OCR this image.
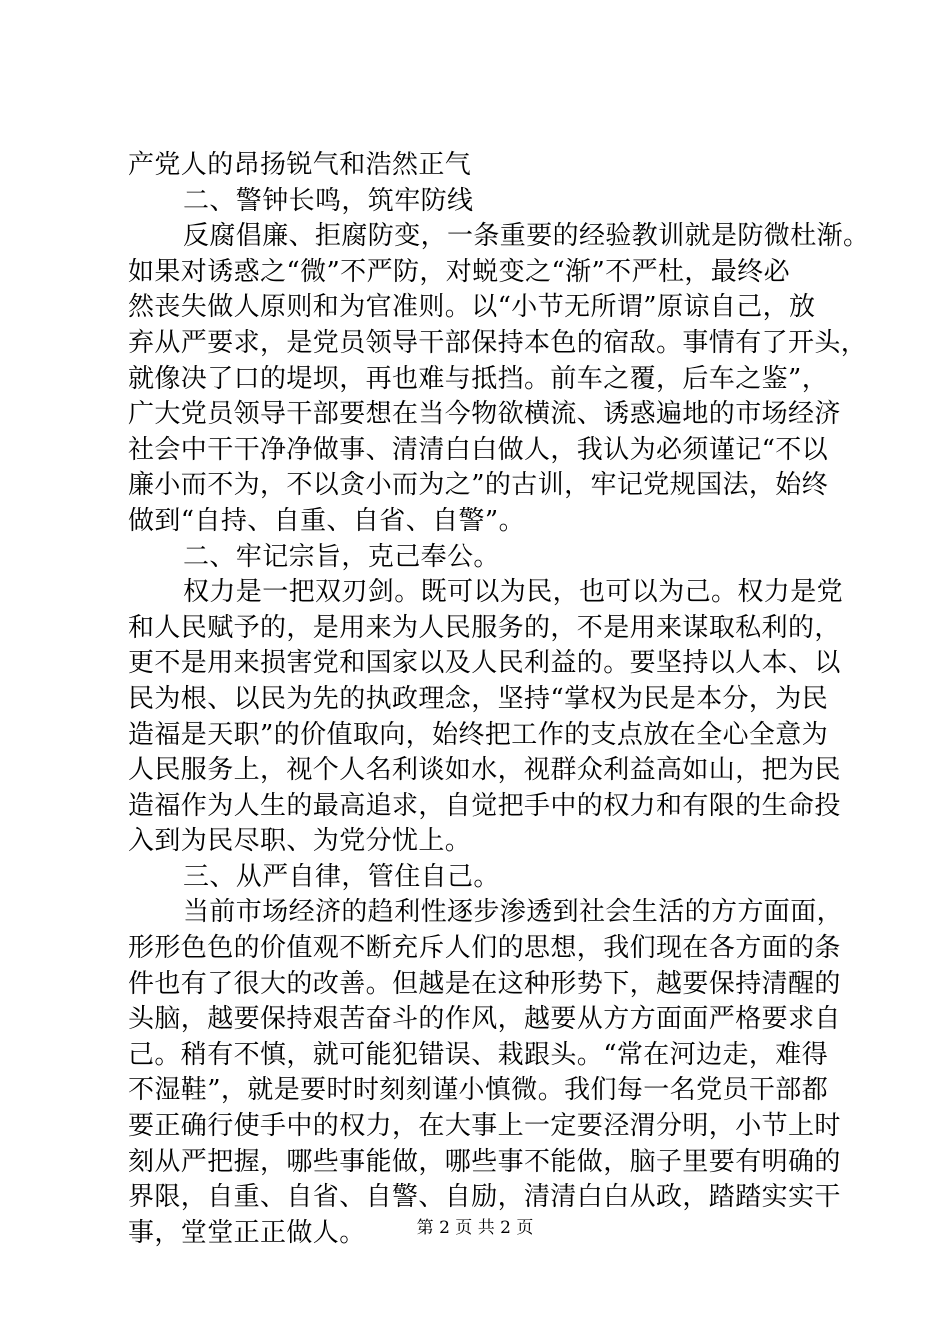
产党人的昂扬锐气和浩然正气
二、警钟长鸣，筑牢防线
反腐倡廉、拒腐防变，一条重要的经验教训就是防微杜渐。
如果对诱惑之“微”不严防，对蜕变之“渐”不严杜，最终必
然丧失做人原则和为官准则。以“小节无所谓”原谅自己，放
弃从严要求，是党员领导干部保持本色的宿敌。事情有了开头，
就像决了口的堤坝，再也难与抵挡。前车之覆，后车之鉴”，
广大党员领导干部要想在当今物欲横流、诱惑遍地的市场经济
社会中干干净净做事、清清白白做人，我认为必须谨记“不以
廉小而不为，不以贪小而为之”的古训，牢记党规国法，始终
做到“自持、自重、自省、自警”。
二、牢记宗旨，克己奉公。
权力是一把双刃剑。既可以为民，也可以为己。权力是党
和人民赋予的，是用来为人民服务的，不是用来谋取私利的，
更不是用来损害党和国家以及人民利益的。要坚持以人本、以
民为根、以民为先的执政理念，坚持“掌权为民是本分，为民
造福是天职”的价值取向，始终把工作的支点放在全心全意为
人民服务上，视个人名利谈如水，视群众利益高如山，把为民
造福作为人生的最高追求，自觉把手中的权力和有限的生命投
入到为民尽职、为党分忧上。
三、从严自律，管住自己。
当前市场经济的趋利性逐步渗透到社会生活的方方面面，
形形色色的价值观不断充斥人们的思想，我们现在各方面的条
件也有了很大的改善。但越是在这种形势下，越要保持清醒的
头脑，越要保持艰苦奋斗的作风，越要从方方面面严格要求自
己。稍有不慎，就可能犯错误、栽跟头。“常在河边走，难得
不湿鞋”，就是要时时刻刻谨小慎微。我们每一名党员干部都
要正确行使手中的权力，在大事上一定要泾渭分明，小节上时
刻从严把握，哪些事能做，哪些事不能做，脑子里要有明确的
界限，自重、自省、自警、自励，清清白白从政，踏踏实实干
事，堂堂正正做人。	第 2 页 共 2 页
